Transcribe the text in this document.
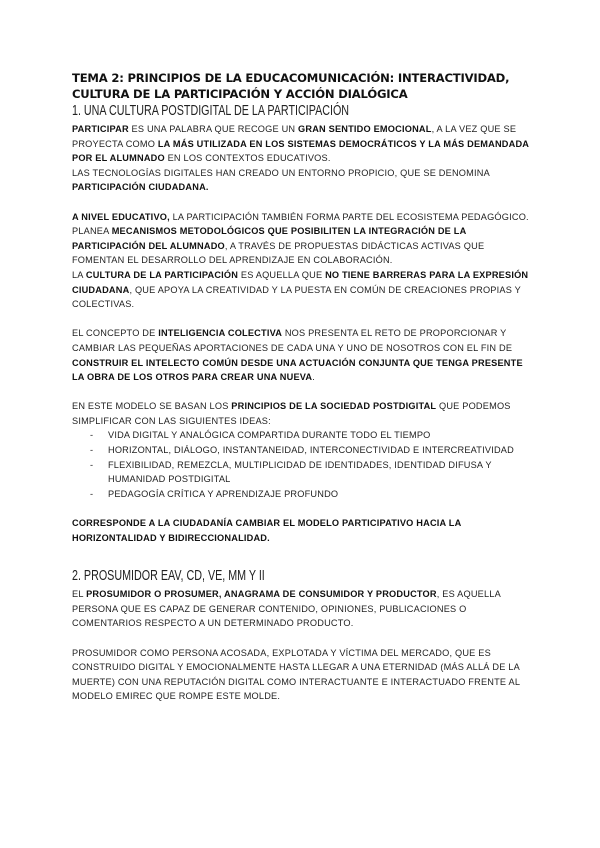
TEMA 2: PRINCIPIOS DE LA EDUCACOMUNICACIÓN: INTERACTIVIDAD, CULTURA DE LA PARTICIPACIÓN Y ACCIÓN DIALÓGICA
1. UNA CULTURA POSTDIGITAL DE LA PARTICIPACIÓN

PARTICIPAR ES UNA PALABRA QUE RECOGE UN GRAN SENTIDO EMOCIONAL, A LA VEZ QUE SE PROYECTA COMO LA MÁS UTILIZADA EN LOS SISTEMAS DEMOCRÁTICOS Y LA MÁS DEMANDADA POR EL ALUMNADO EN LOS CONTEXTOS EDUCATIVOS.

LAS TECNOLOGÍAS DIGITALES HAN CREADO UN ENTORNO PROPICIO, QUE SE DENOMINA PARTICIPACIÓN CIUDADANA.

A NIVEL EDUCATIVO, LA PARTICIPACIÓN TAMBIÉN FORMA PARTE DEL ECOSISTEMA PEDAGÓGICO. PLANEA MECANISMOS METODOLÓGICOS QUE POSIBILITEN LA INTEGRACIÓN DE LA PARTICIPACIÓN DEL ALUMNADO, A TRAVÉS DE PROPUESTAS DIDÁCTICAS ACTIVAS QUE FOMENTAN EL DESARROLLO DEL APRENDIZAJE EN COLABORACIÓN.

LA CULTURA DE LA PARTICIPACIÓN ES AQUELLA QUE NO TIENE BARRERAS PARA LA EXPRESIÓN CIUDADANA, QUE APOYA LA CREATIVIDAD Y LA PUESTA EN COMÚN DE CREACIONES PROPIAS Y COLECTIVAS.

EL CONCEPTO DE INTELIGENCIA COLECTIVA NOS PRESENTA EL RETO DE PROPORCIONAR Y CAMBIAR LAS PEQUEÑAS APORTACIONES DE CADA UNA Y UNO DE NOSOTROS CON EL FIN DE CONSTRUIR EL INTELECTO COMÚN DESDE UNA ACTUACIÓN CONJUNTA QUE TENGA PRESENTE LA OBRA DE LOS OTROS PARA CREAR UNA NUEVA.

EN ESTE MODELO SE BASAN LOS PRINCIPIOS DE LA SOCIEDAD POSTDIGITAL QUE PODEMOS SIMPLIFICAR CON LAS SIGUIENTES IDEAS:

- VIDA DIGITAL Y ANALÓGICA COMPARTIDA DURANTE TODO EL TIEMPO
- HORIZONTAL, DIÁLOGO, INSTANTANEIDAD, INTERCONECTIVIDAD E INTERCREATIVIDAD
- FLEXIBILIDAD, REMEZCLA, MULTIPLICIDAD DE IDENTIDADES, IDENTIDAD DIFUSA Y HUMANIDAD POSTDIGITAL
- PEDAGOGÍA CRÍTICA Y APRENDIZAJE PROFUNDO

CORRESPONDE A LA CIUDADANÍA CAMBIAR EL MODELO PARTICIPATIVO HACIA LA HORIZONTALIDAD Y BIDIRECCIONALIDAD.

2. PROSUMIDOR EAV, CD, VE, MM Y II

EL PROSUMIDOR O PROSUMER, ANAGRAMA DE CONSUMIDOR Y PRODUCTOR, ES AQUELLA PERSONA QUE ES CAPAZ DE GENERAR CONTENIDO, OPINIONES, PUBLICACIONES O COMENTARIOS RESPECTO A UN DETERMINADO PRODUCTO.

PROSUMIDOR COMO PERSONA ACOSADA, EXPLOTADA Y VÍCTIMA DEL MERCADO, QUE ES CONSTRUIDO DIGITAL Y EMOCIONALMENTE HASTA LLEGAR A UNA ETERNIDAD (MÁS ALLÁ DE LA MUERTE) CON UNA REPUTACIÓN DIGITAL COMO INTERACTUANTE E INTERACTUADO FRENTE AL MODELO EMIREC QUE ROMPE ESTE MOLDE.
